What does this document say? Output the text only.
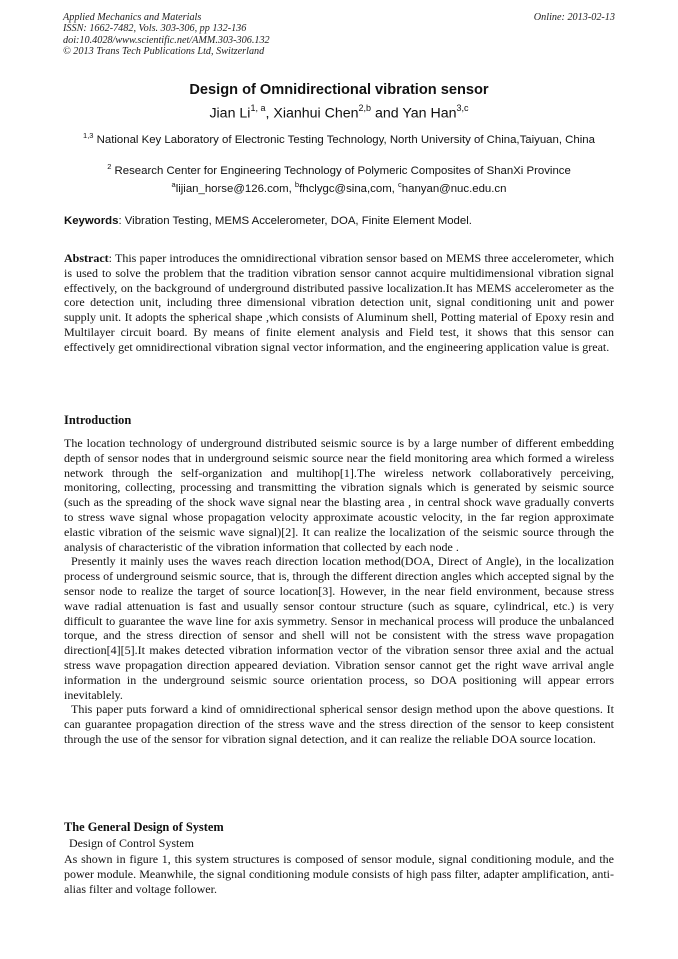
Applied Mechanics and Materials
ISSN: 1662-7482, Vols. 303-306, pp 132-136
doi:10.4028/www.scientific.net/AMM.303-306.132
© 2013 Trans Tech Publications Ltd, Switzerland
Online: 2013-02-13
Design of Omnidirectional vibration sensor
Jian Li$^{1, a}$, Xianhui Chen$^{2,b}$ and Yan Han$^{3,c}$
$^{1,3}$ National Key Laboratory of Electronic Testing Technology, North University of China,Taiyuan, China
$^2$ Research Center for Engineering Technology of Polymeric Composites of ShanXi Province
$^a$lijian_horse@126.com, $^b$fhclygc@sina,com, $^c$hanyan@nuc.edu.cn
Keywords: Vibration Testing, MEMS Accelerometer, DOA, Finite Element Model.

Abstract: This paper introduces the omnidirectional vibration sensor based on MEMS three accelerometer, which is used to solve the problem that the tradition vibration sensor cannot acquire multidimensional vibration signal effectively, on the background of underground distributed passive localization.It has MEMS accelerometer as the core detection unit, including three dimensional vibration detection unit, signal conditioning unit and power supply unit. It adopts the spherical shape ,which consists of Aluminum shell, Potting material of Epoxy resin and Multilayer circuit board. By means of finite element analysis and Field test, it shows that this sensor can effectively get omnidirectional vibration signal vector information, and the engineering application value is great.

Introduction

The location technology of underground distributed seismic source is by a large number of different embedding depth of sensor nodes that in underground seismic source near the field monitoring area which formed a wireless network through the self-organization and multihop[1].The wireless network collaboratively perceiving, monitoring, collecting, processing and transmitting the vibration signals which is generated by seismic source (such as the spreading of the shock wave signal near the blasting area , in central shock wave gradually converts to stress wave signal whose propagation velocity approximate acoustic velocity, in the far region approximate elastic vibration of the seismic wave signal)[2]. It can realize the localization of the seismic source through the analysis of characteristic of the vibration information that collected by each node .

Presently it mainly uses the waves reach direction location method(DOA, Direct of Angle), in the localization process of underground seismic source, that is, through the different direction angles which accepted signal by the sensor node to realize the target of source location[3]. However, in the near field environment, because stress wave radial attenuation is fast and usually sensor contour structure (such as square, cylindrical, etc.) is very difficult to guarantee the wave line for axis symmetry. Sensor in mechanical process will produce the unbalanced torque, and the stress direction of sensor and shell will not be consistent with the stress wave propagation direction[4][5].It makes detected vibration information vector of the vibration sensor three axial and the actual stress wave propagation direction appeared deviation. Vibration sensor cannot get the right wave arrival angle information in the underground seismic source orientation process, so DOA positioning will appear errors inevitablely.

This paper puts forward a kind of omnidirectional spherical sensor design method upon the above questions. It can guarantee propagation direction of the stress wave and the stress direction of the sensor to keep consistent through the use of the sensor for vibration signal detection, and it can realize the reliable DOA source location.

The General Design of System
Design of Control System

As shown in figure 1, this system structures is composed of sensor module, signal conditioning module, and the power module. Meanwhile, the signal conditioning module consists of high pass filter, adapter amplification, anti-alias filter and voltage follower.
